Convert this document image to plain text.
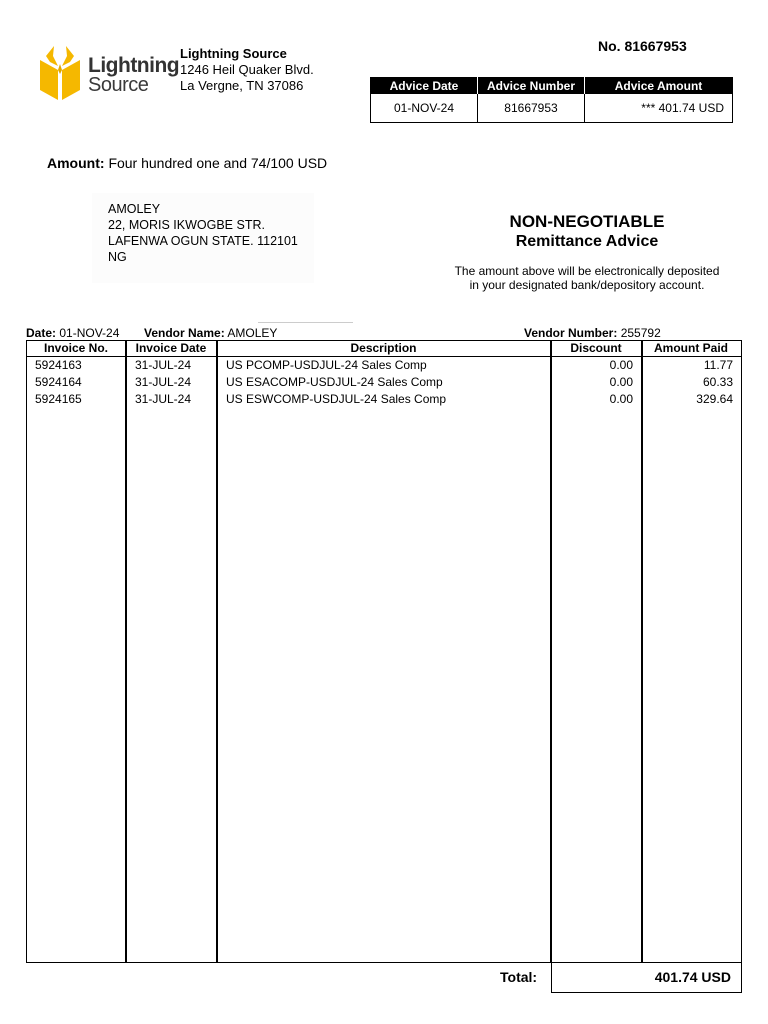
Lightning
Source
Lightning Source
1246 Heil Quaker Blvd.
La Vergne, TN 37086
No. 81667953
Advice Date	Advice Number	Advice Amount
01-NOV-24	81667953	*** 401.74 USD
Amount: Four hundred one and 74/100 USD
AMOLEY
22, MORIS IKWOGBE STR.
LAFENWA OGUN STATE. 112101
NG
NON-NEGOTIABLE
Remittance Advice
The amount above will be electronically deposited
in your designated bank/depository account.
Date: 01-NOV-24 Vendor Name: AMOLEY	Vendor Number: 255792
Invoice No.	Invoice Date	Description	Discount	Amount Paid
5924163	31-JUL-24	US PCOMP-USDJUL-24 Sales Comp	0.00	11.77
5924164	31-JUL-24	US ESACOMP-USDJUL-24 Sales Comp	0.00	60.33
5924165	31-JUL-24	US ESWCOMP-USDJUL-24 Sales Comp	0.00	329.64
Total:	401.74 USD
